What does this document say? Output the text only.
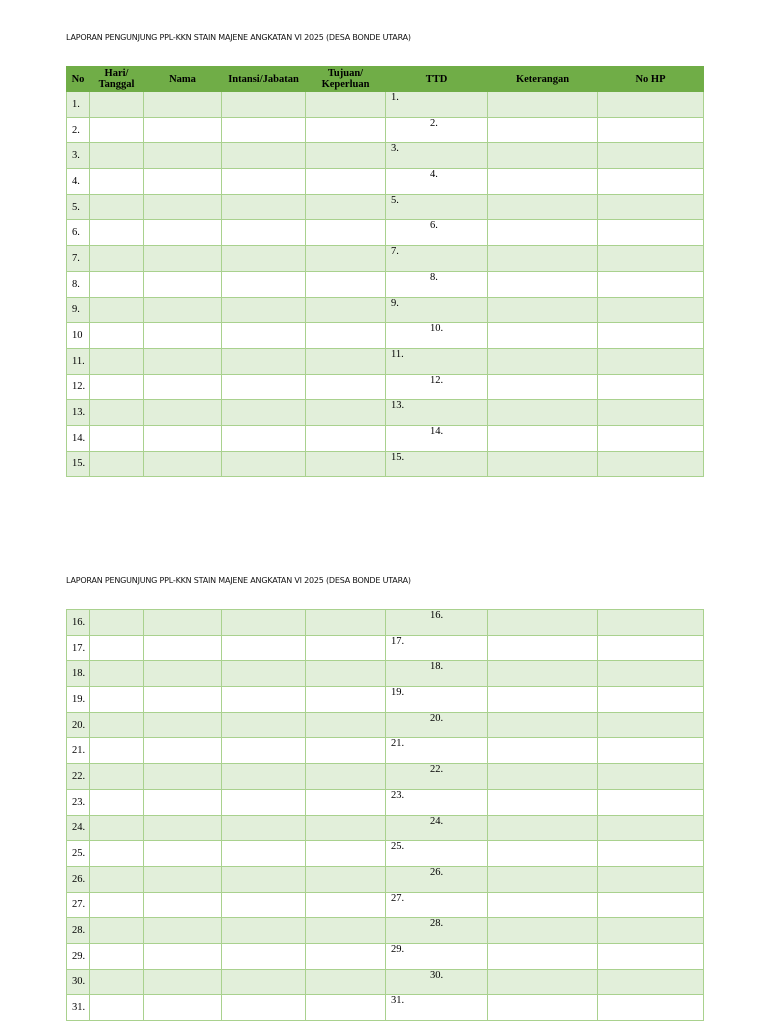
LAPORAN PENGUNJUNG PPL-KKN STAIN MAJENE ANGKATAN VI 2025 (DESA BONDE UTARA)
No	Hari/ Tanggal	Nama	Intansi/Jabatan	Tujuan/ Keperluan	TTD	Keterangan	No HP
1.					1.		

2.					2.		

3.					3.		

4.					4.		

5.					5.		

6.					6.		

7.					7.		

8.					8.		

9.					9.		

10					10.		

11.					11.		

12.					12.		

13.					13.		

14.					14.		

15.					15.		

LAPORAN PENGUNJUNG PPL-KKN STAIN MAJENE ANGKATAN VI 2025 (DESA BONDE UTARA)
16.					16.		

17.					17.		

18.					18.		

19.					19.		

20.					20.		

21.					21.		

22.					22.		

23.					23.		

24.					24.		

25.					25.		

26.					26.		

27.					27.		

28.					28.		

29.					29.		

30.					30.		

31.					31.		
